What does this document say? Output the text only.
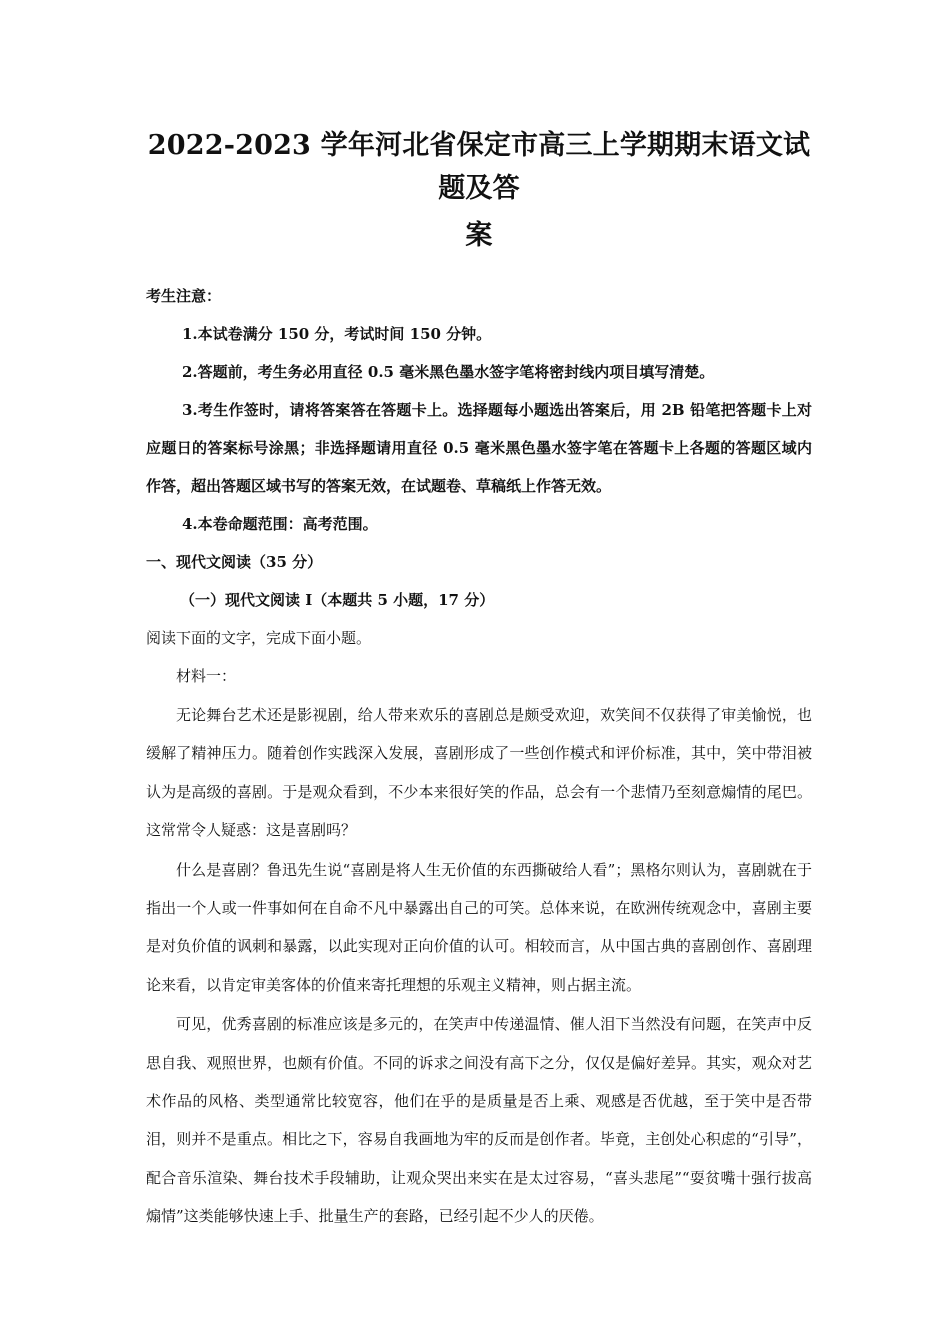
2022-2023 学年河北省保定市高三上学期期末语文试题及答
案
考生注意：
1.本试卷满分 150 分，考试时间 150 分钟。
2.答题前，考生务必用直径 0.5 毫米黑色墨水签字笔将密封线内项目填写清楚。
3.考生作签时，请将答案答在答题卡上。选择题每小题选出答案后，用 2B 铅笔把答题卡上对应题日的答案标号涂黑；非选择题请用直径 0.5 毫米黑色墨水签字笔在答题卡上各题的答题区域内作答，超出答题区域书写的答案无效，在试题卷、草稿纸上作答无效。
4.本卷命题范围：高考范围。
一、现代文阅读（35 分）
（一）现代文阅读 I（本题共 5 小题，17 分）
阅读下面的文字，完成下面小题。
材料一：
无论舞台艺术还是影视剧，给人带来欢乐的喜剧总是颇受欢迎，欢笑间不仅获得了审美愉悦，也缓解了精神压力。随着创作实践深入发展，喜剧形成了一些创作模式和评价标准，其中，笑中带泪被认为是高级的喜剧。于是观众看到，不少本来很好笑的作品，总会有一个悲情乃至刻意煽情的尾巴。这常常令人疑惑：这是喜剧吗？
什么是喜剧？鲁迅先生说“喜剧是将人生无价值的东西撕破给人看”；黑格尔则认为，喜剧就在于指出一个人或一件事如何在自命不凡中暴露出自己的可笑。总体来说，在欧洲传统观念中，喜剧主要是对负价值的讽刺和暴露，以此实现对正向价值的认可。相较而言，从中国古典的喜剧创作、喜剧理论来看，以肯定审美客体的价值来寄托理想的乐观主义精神，则占据主流。
可见，优秀喜剧的标准应该是多元的，在笑声中传递温情、催人泪下当然没有问题，在笑声中反思自我、观照世界，也颇有价值。不同的诉求之间没有高下之分，仅仅是偏好差异。其实，观众对艺术作品的风格、类型通常比较宽容，他们在乎的是质量是否上乘、观感是否优越，至于笑中是否带泪，则并不是重点。相比之下，容易自我画地为牢的反而是创作者。毕竟，主创处心积虑的“引导”，配合音乐渲染、舞台技术手段辅助，让观众哭出来实在是太过容易，“喜头悲尾”“耍贫嘴十强行拔高煽情”这类能够快速上手、批量生产的套路，已经引起不少人的厌倦。
